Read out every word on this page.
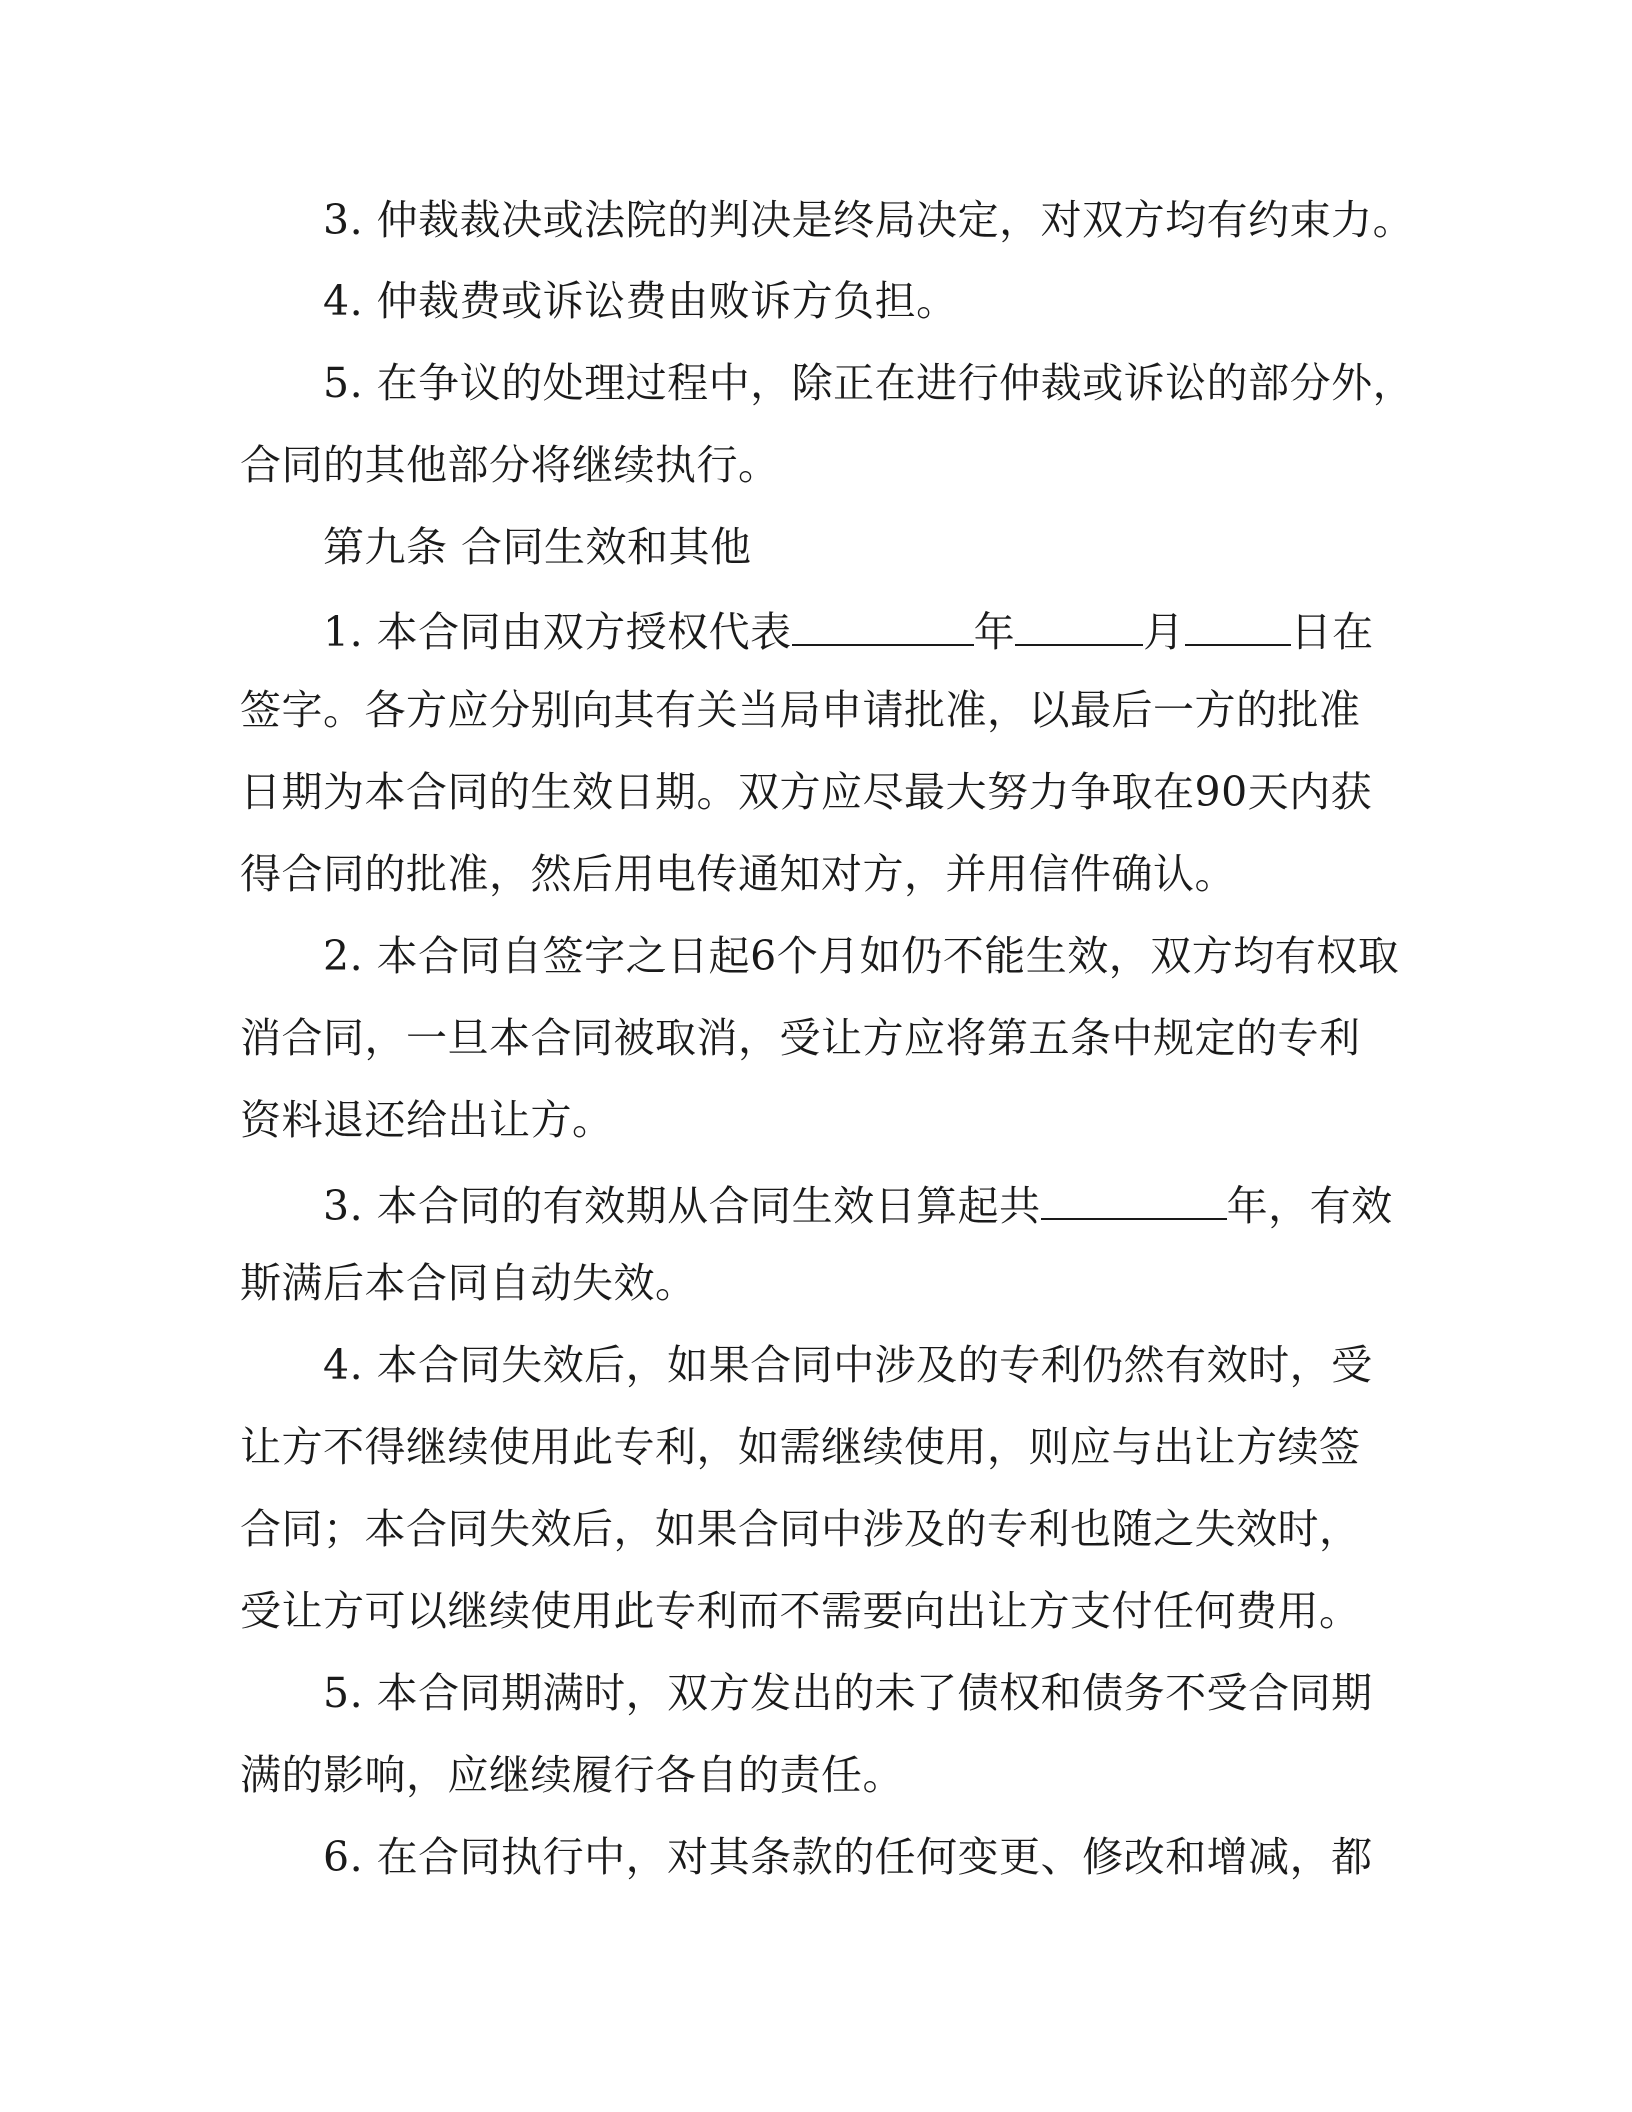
3. 仲裁裁决或法院的判决是终局决定，对双方均有约束力。
4. 仲裁费或诉讼费由败诉方负担。
5. 在争议的处理过程中，除正在进行仲裁或诉讼的部分外，
合同的其他部分将继续执行。
第九条 合同生效和其他
1. 本合同由双方授权代表	年	月	日在
签字。各方应分别向其有关当局申请批准，以最后一方的批准
日期为本合同的生效日期。双方应尽最大努力争取在90天内获
得合同的批准，然后用电传通知对方，并用信件确认。
2. 本合同自签字之日起6个月如仍不能生效，双方均有权取
消合同，一旦本合同被取消，受让方应将第五条中规定的专利
资料退还给出让方。
3. 本合同的有效期从合同生效日算起共	年，有效
斯满后本合同自动失效。
4. 本合同失效后，如果合同中涉及的专利仍然有效时，受
让方不得继续使用此专利，如需继续使用，则应与出让方续签
合同；本合同失效后，如果合同中涉及的专利也随之失效时，
受让方可以继续使用此专利而不需要向出让方支付任何费用。
5. 本合同期满时，双方发出的未了债权和债务不受合同期
满的影响，应继续履行各自的责任。
6. 在合同执行中，对其条款的任何变更、修改和增减，都
